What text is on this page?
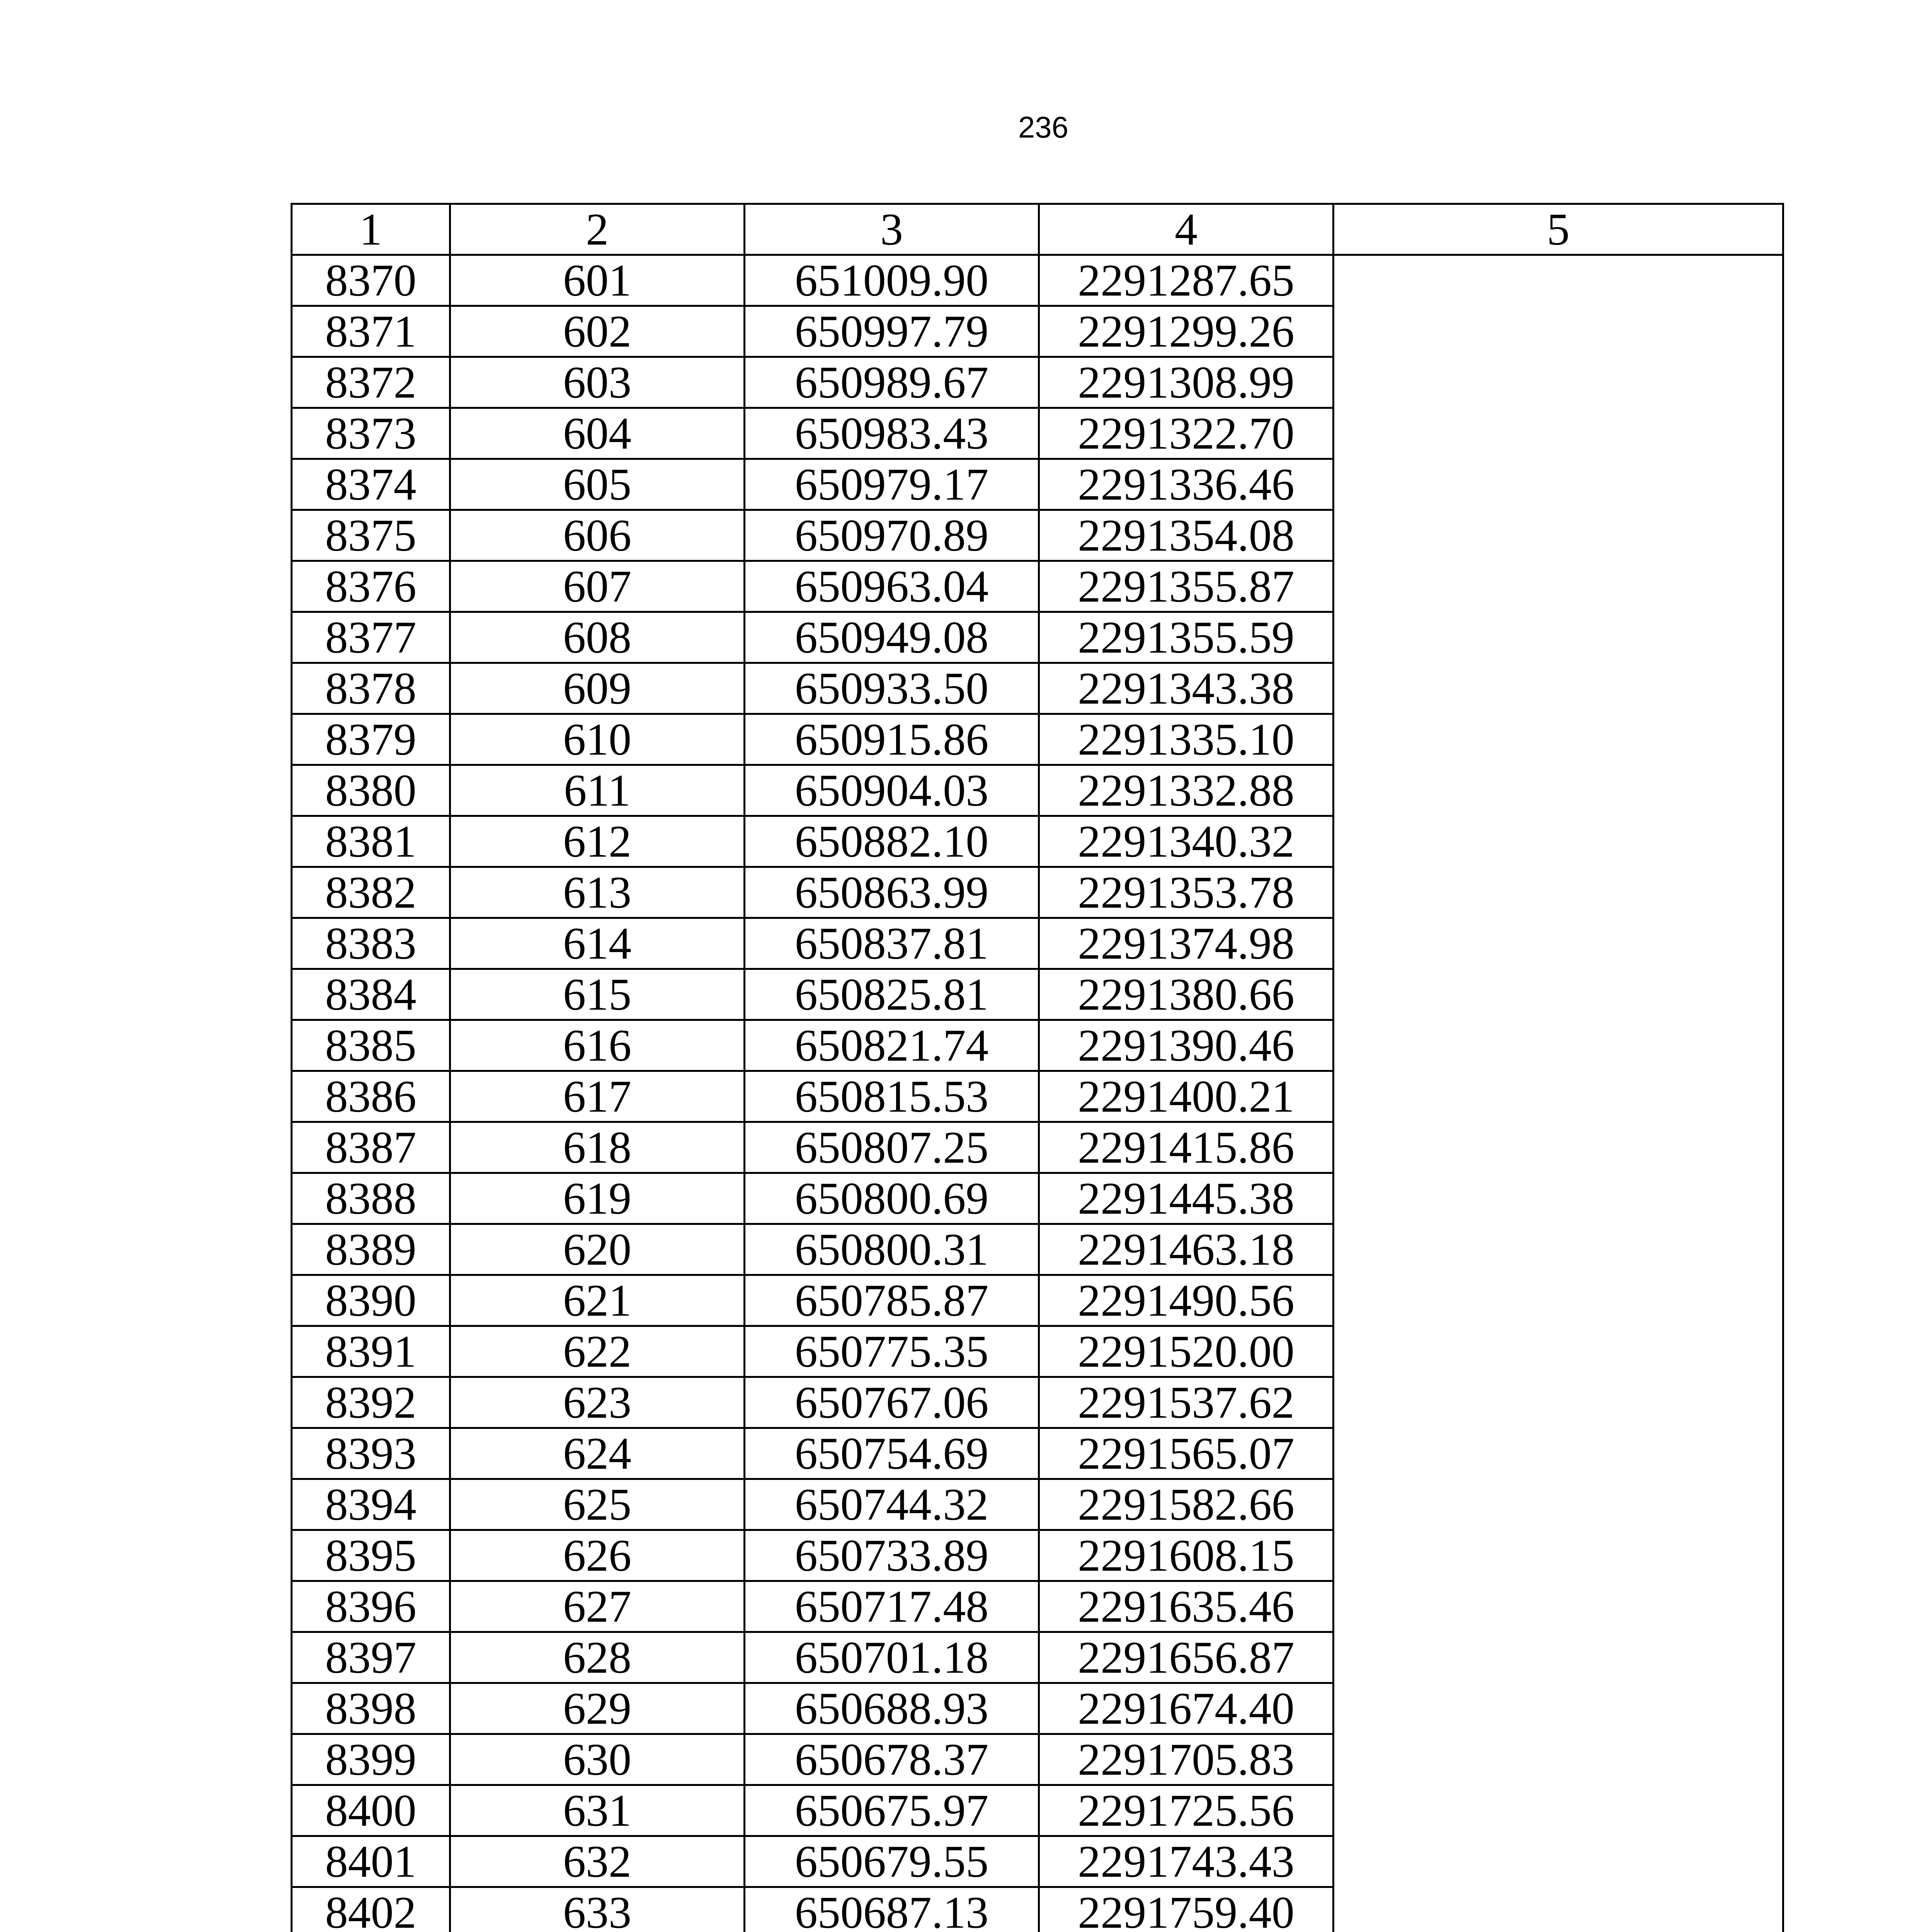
236
1	2	3	4	5
8370	601	651009.90	2291287.65	
8371	602	650997.79	2291299.26	
8372	603	650989.67	2291308.99	
8373	604	650983.43	2291322.70	
8374	605	650979.17	2291336.46	
8375	606	650970.89	2291354.08	
8376	607	650963.04	2291355.87	
8377	608	650949.08	2291355.59	
8378	609	650933.50	2291343.38	
8379	610	650915.86	2291335.10	
8380	611	650904.03	2291332.88	
8381	612	650882.10	2291340.32	
8382	613	650863.99	2291353.78	
8383	614	650837.81	2291374.98	
8384	615	650825.81	2291380.66	
8385	616	650821.74	2291390.46	
8386	617	650815.53	2291400.21	
8387	618	650807.25	2291415.86	
8388	619	650800.69	2291445.38	
8389	620	650800.31	2291463.18	
8390	621	650785.87	2291490.56	
8391	622	650775.35	2291520.00	
8392	623	650767.06	2291537.62	
8393	624	650754.69	2291565.07	
8394	625	650744.32	2291582.66	
8395	626	650733.89	2291608.15	
8396	627	650717.48	2291635.46	
8397	628	650701.18	2291656.87	
8398	629	650688.93	2291674.40	
8399	630	650678.37	2291705.83	
8400	631	650675.97	2291725.56	
8401	632	650679.55	2291743.43	
8402	633	650687.13	2291759.40	
